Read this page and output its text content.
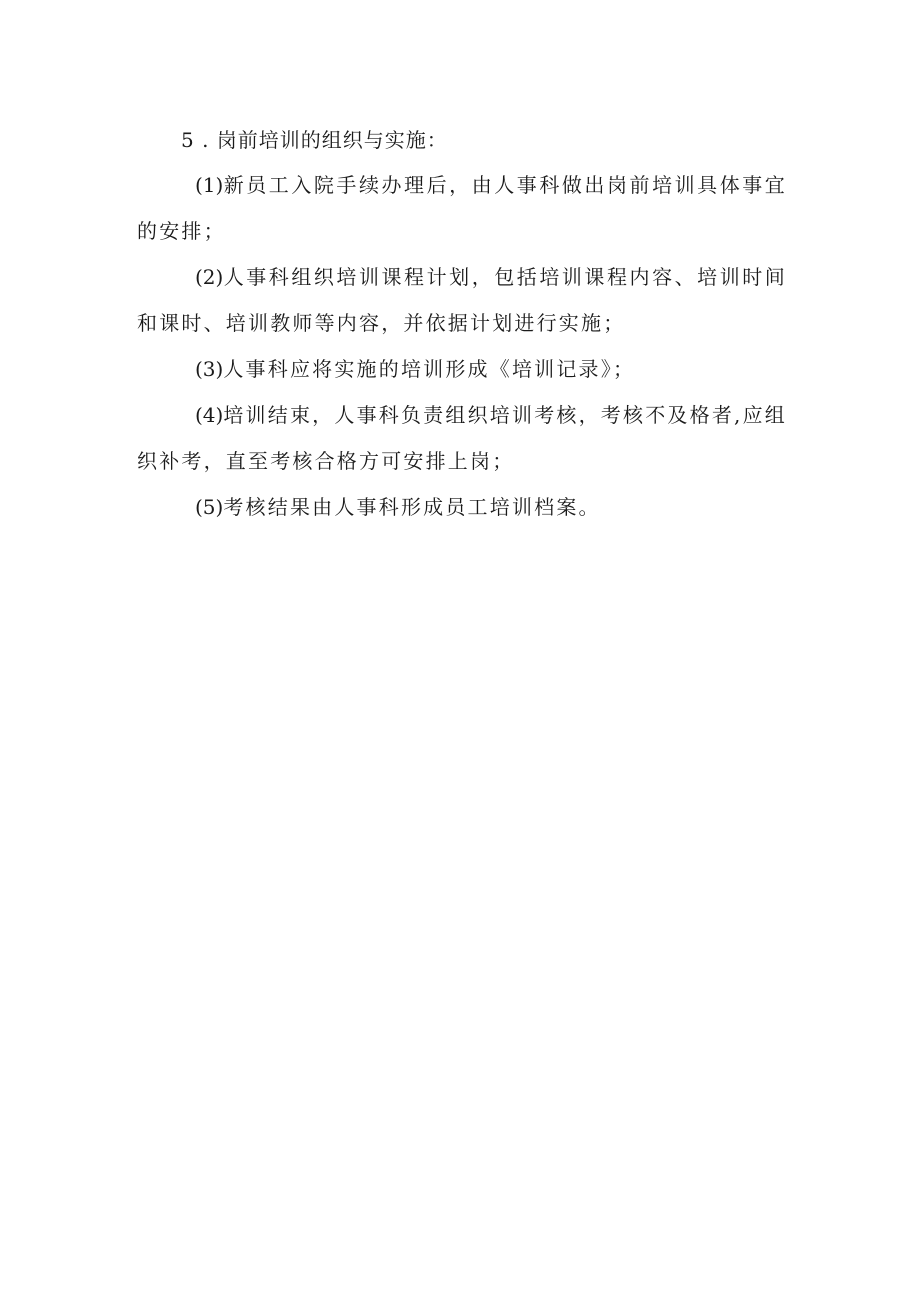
5 . 岗前培训的组织与实施：

(1)新员工入院手续办理后，由人事科做出岗前培训具体事宜的安排；

(2)人事科组织培训课程计划，包括培训课程内容、培训时间和课时、培训教师等内容，并依据计划进行实施；

(3)人事科应将实施的培训形成《培训记录》；

(4)培训结束，人事科负责组织培训考核，考核不及格者,应组织补考，直至考核合格方可安排上岗；

(5)考核结果由人事科形成员工培训档案。
